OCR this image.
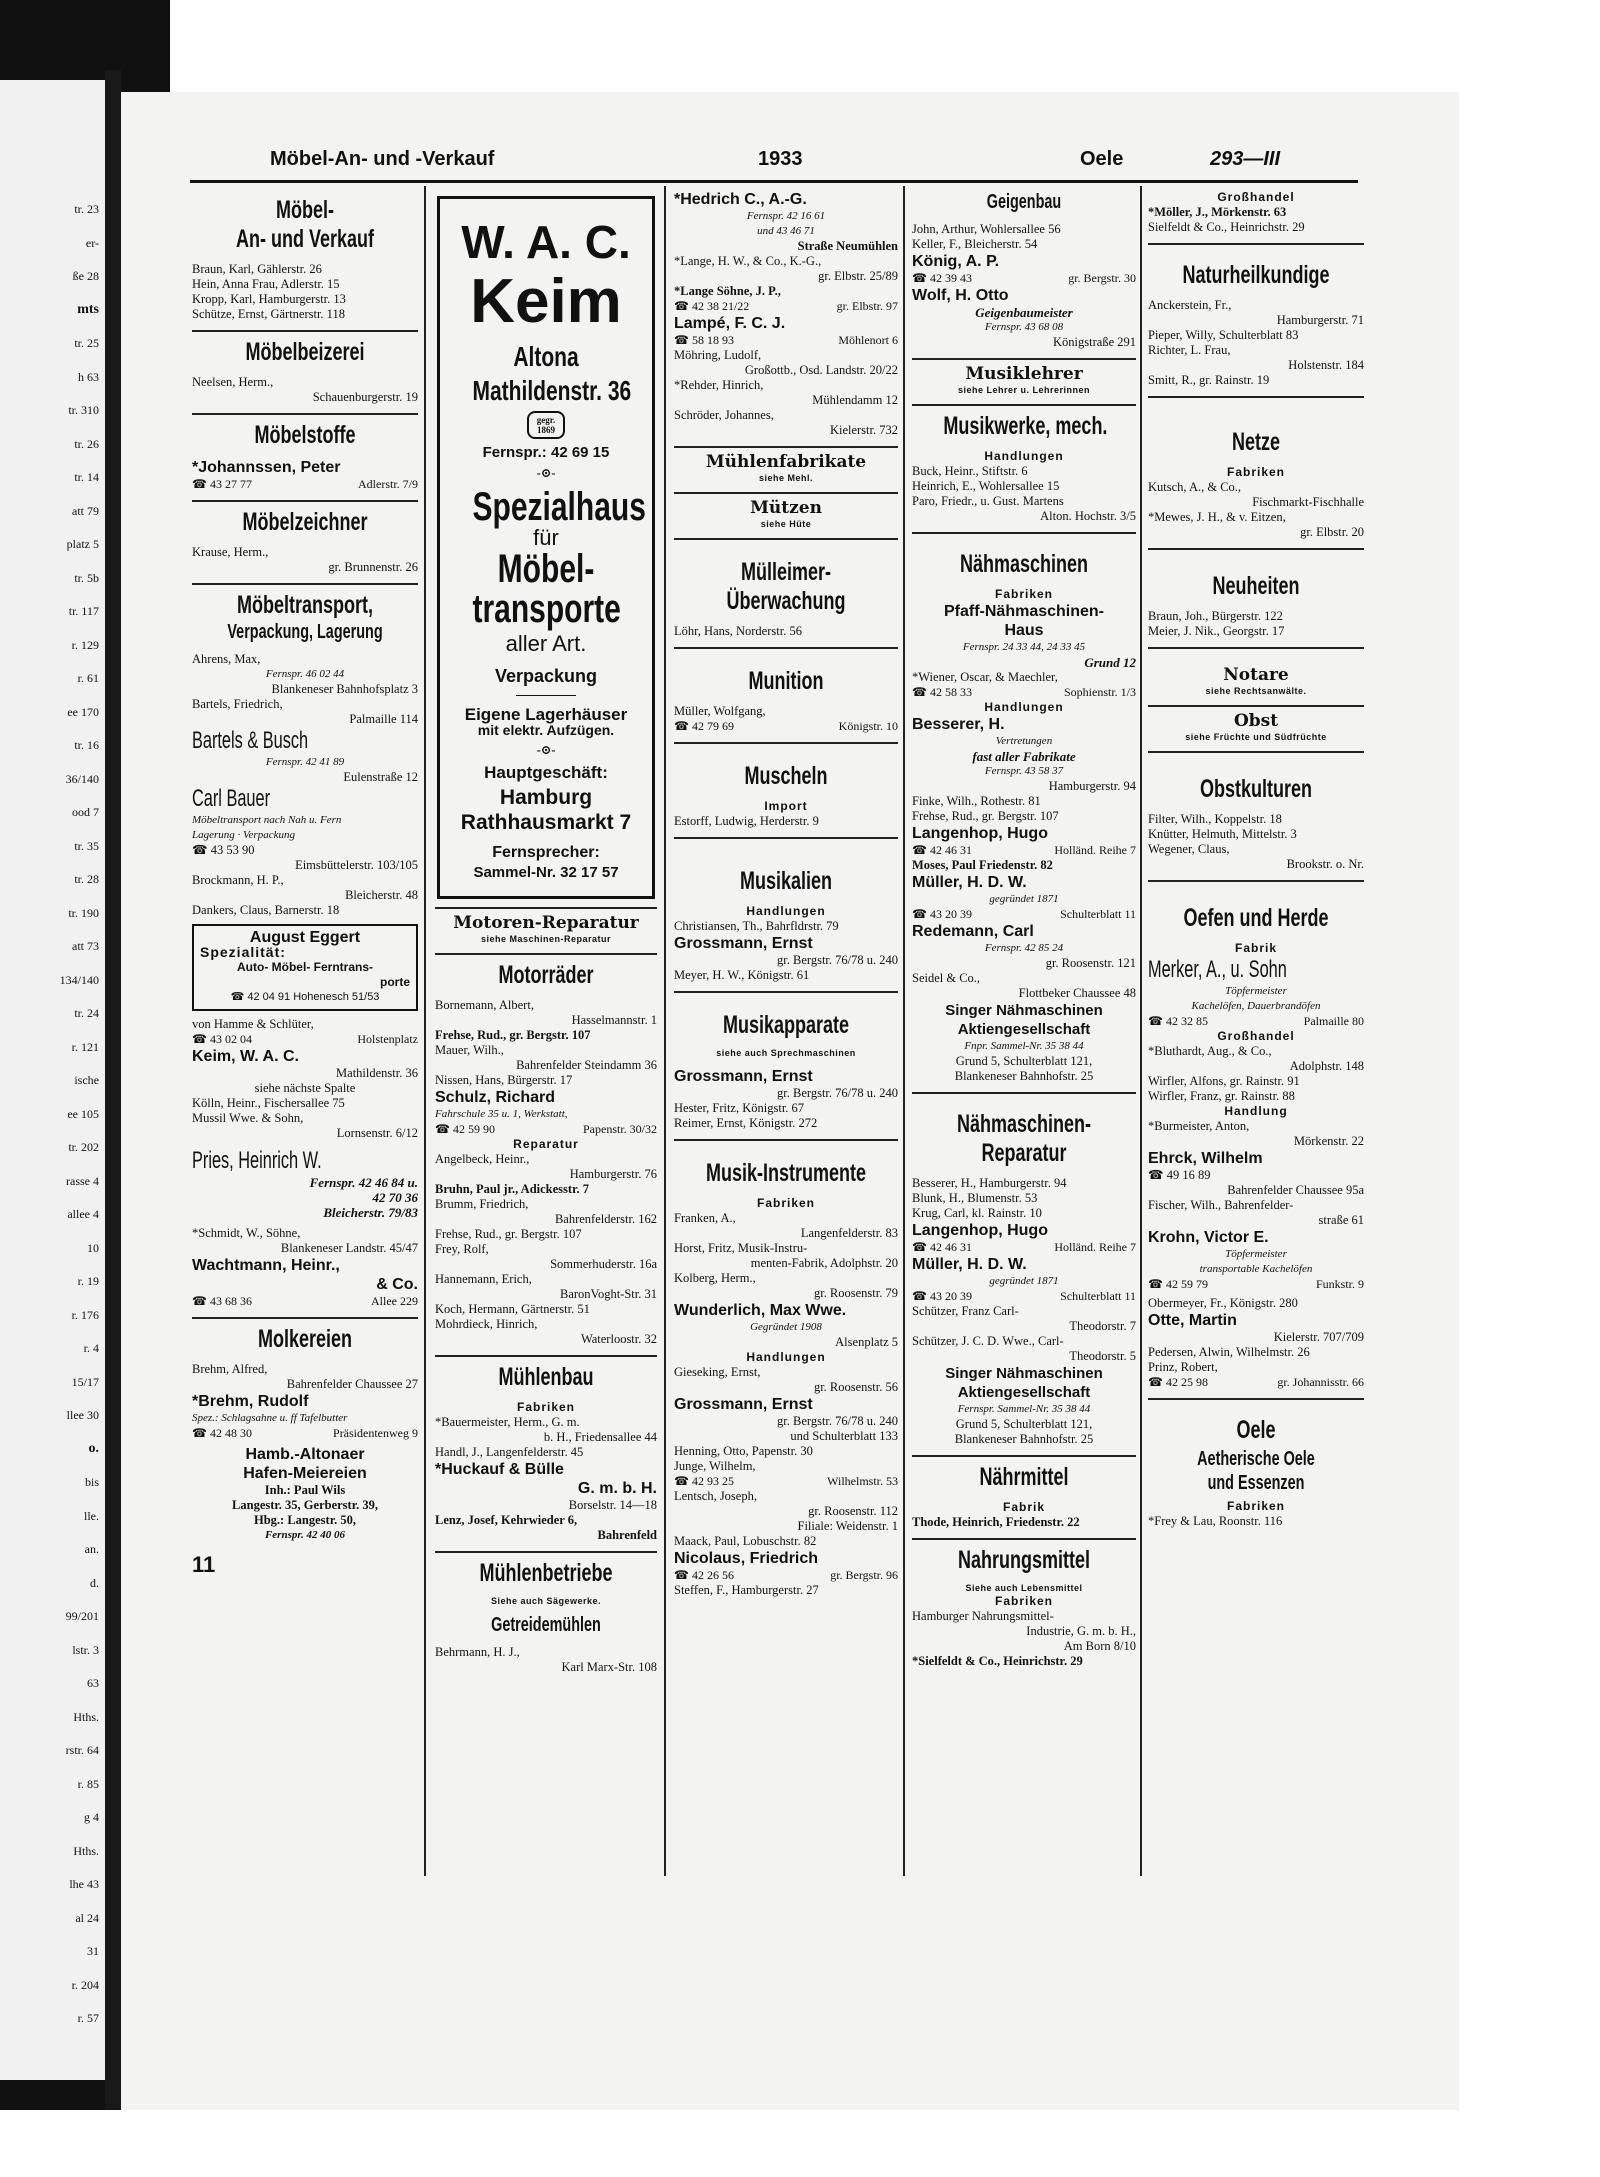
tr. 23
er-
ße 28
mts
tr. 25
h 63
tr. 310
tr. 26
tr. 14
att 79
platz 5
tr. 5b
tr. 117
r. 129
r. 61
ee 170
tr. 16
36/140
ood 7
tr. 35
tr. 28
tr. 190
att 73
134/140
tr. 24
r. 121
ische
ee 105
tr. 202
rasse 4
allee 4
10
r. 19
r. 176
r. 4
15/17
llee 30
o.
bis
lle.
an.
d.
99/201
lstr. 3
63
Hths.
rstr. 64
r. 85
g 4
Hths.
lhe 43
al 24
31
r. 204
r. 57
Möbel-An- und -Verkauf	1933	Oele	293—III
Möbel-
An- und Verkauf
Braun, Karl, Gählerstr. 26
Hein, Anna Frau, Adlerstr. 15
Kropp, Karl, Hamburgerstr. 13
Schütze, Ernst, Gärtnerstr. 118
Möbelbeizerei
Neelsen, Herm.,
Schauenburgerstr. 19
Möbelstoffe
*Johannssen, Peter
☎ 43 27 77	Adlerstr. 7/9
Möbelzeichner
Krause, Herm.,
gr. Brunnenstr. 26
Möbeltransport,
Verpackung, Lagerung
Ahrens, Max,
Fernspr. 46 02 44
Blankeneser Bahnhofsplatz 3
Bartels, Friedrich,
Palmaille 114
Bartels & Busch
Fernspr. 42 41 89
Eulenstraße 12
Carl Bauer
Möbeltransport nach Nah u. Fern
Lagerung · Verpackung
☎ 43 53 90
Eimsbüttelerstr. 103/105
Brockmann, H. P.,
Bleicherstr. 48
Dankers, Claus, Barnerstr. 18
August Eggert
Spezialität:
Auto- Möbel- Ferntrans-
porte
☎ 42 04 91 Hohenesch 51/53
von Hamme & Schlüter,
☎ 43 02 04	Holstenplatz
Keim, W. A. C.
Mathildenstr. 36
siehe nächste Spalte
Kölln, Heinr., Fischersallee 75
Mussil Wwe. & Sohn,
Lornsenstr. 6/12
Pries, Heinrich W.
Fernspr. 42 46 84 u.
42 70 36
Bleicherstr. 79/83
*Schmidt, W., Söhne,
Blankeneser Landstr. 45/47
Wachtmann, Heinr.,
& Co.
☎ 43 68 36	Allee 229
Molkereien
Brehm, Alfred,
Bahrenfelder Chaussee 27
*Brehm, Rudolf
Spez.: Schlagsahne u. ff Tafelbutter
☎ 42 48 30	Präsidentenweg 9
Hamb.-Altonaer
Hafen-Meiereien
Inh.: Paul Wils
Langestr. 35, Gerberstr. 39,
Hbg.: Langestr. 50,
Fernspr. 42 40 06
11
W. A. C.
Keim
Altona
Mathildenstr. 36
gegr.
1869
Fernspr.: 42 69 15
-⊙-
Spezialhaus
für
Möbel-
transporte
aller Art.
Verpackung
Eigene Lagerhäuser
mit elektr. Aufzügen.
-⊙-
Hauptgeschäft:
Hamburg
Rathhausmarkt 7
Fernsprecher:
Sammel-Nr. 32 17 57
Motoren-Reparatur
siehe Maschinen-Reparatur
Motorräder
Bornemann, Albert,
Hasselmannstr. 1
Frehse, Rud., gr. Bergstr. 107
Mauer, Wilh.,
Bahrenfelder Steindamm 36
Nissen, Hans, Bürgerstr. 17
Schulz, Richard
Fahrschule 35 u. 1, Werkstatt,
☎ 42 59 90	Papenstr. 30/32
Reparatur
Angelbeck, Heinr.,
Hamburgerstr. 76
Bruhn, Paul jr., Adickesstr. 7
Brumm, Friedrich,
Bahrenfelderstr. 162
Frehse, Rud., gr. Bergstr. 107
Frey, Rolf,
Sommerhuderstr. 16a
Hannemann, Erich,
BaronVoght-Str. 31
Koch, Hermann, Gärtnerstr. 51
Mohrdieck, Hinrich,
Waterloostr. 32
Mühlenbau
Fabriken
*Bauermeister, Herm., G. m.
b. H., Friedensallee 44
Handl, J., Langenfelderstr. 45
*Huckauf & Bülle
G. m. b. H.
Borselstr. 14—18
Lenz, Josef, Kehrwieder 6,
Bahrenfeld
Mühlenbetriebe
Siehe auch Sägewerke.
Getreidemühlen
Behrmann, H. J.,
Karl Marx-Str. 108
*Hedrich C., A.-G.
Fernspr. 42 16 61
und 43 46 71
Straße Neumühlen
*Lange, H. W., & Co., K.-G.,
gr. Elbstr. 25/89
*Lange Söhne, J. P.,
☎ 42 38 21/22	gr. Elbstr. 97
Lampé, F. C. J.
☎ 58 18 93	Möhlenort 6
Möhring, Ludolf,
Großottb., Osd. Landstr. 20/22
*Rehder, Hinrich,
Mühlendamm 12
Schröder, Johannes,
Kielerstr. 732
Mühlenfabrikate
siehe Mehl.
Mützen
siehe Hüte
Mülleimer-
Überwachung
Löhr, Hans, Norderstr. 56
Munition
Müller, Wolfgang,
☎ 42 79 69	Königstr. 10
Muscheln
Import
Estorff, Ludwig, Herderstr. 9
Musikalien
Handlungen
Christiansen, Th., Bahrfldrstr. 79
Grossmann, Ernst
gr. Bergstr. 76/78 u. 240
Meyer, H. W., Königstr. 61
Musikapparate
siehe auch Sprechmaschinen
Grossmann, Ernst
gr. Bergstr. 76/78 u. 240
Hester, Fritz, Königstr. 67
Reimer, Ernst, Königstr. 272
Musik-Instrumente
Fabriken
Franken, A.,
Langenfelderstr. 83
Horst, Fritz, Musik-Instru-
menten-Fabrik, Adolphstr. 20
Kolberg, Herm.,
gr. Roosenstr. 79
Wunderlich, Max Wwe.
Gegründet 1908
Alsenplatz 5
Handlungen
Gieseking, Ernst,
gr. Roosenstr. 56
Grossmann, Ernst
gr. Bergstr. 76/78 u. 240
und Schulterblatt 133
Henning, Otto, Papenstr. 30
Junge, Wilhelm,
☎ 42 93 25	Wilhelmstr. 53
Lentsch, Joseph,
gr. Roosenstr. 112
Filiale: Weidenstr. 1
Maack, Paul, Lobuschstr. 82
Nicolaus, Friedrich
☎ 42 26 56	gr. Bergstr. 96
Steffen, F., Hamburgerstr. 27
Geigenbau
John, Arthur, Wohlersallee 56
Keller, F., Bleicherstr. 54
König, A. P.
☎ 42 39 43	gr. Bergstr. 30
Wolf, H. Otto
Geigenbaumeister
Fernspr. 43 68 08
Königstraße 291
Musiklehrer
siehe Lehrer u. Lehrerinnen
Musikwerke, mech.
Handlungen
Buck, Heinr., Stiftstr. 6
Heinrich, E., Wohlersallee 15
Paro, Friedr., u. Gust. Martens
Alton. Hochstr. 3/5
Nähmaschinen
Fabriken
Pfaff-Nähmaschinen-
Haus
Fernspr. 24 33 44, 24 33 45
Grund 12
*Wiener, Oscar, & Maechler,
☎ 42 58 33	Sophienstr. 1/3
Handlungen
Besserer, H.
Vertretungen
fast aller Fabrikate
Fernspr. 43 58 37
Hamburgerstr. 94
Finke, Wilh., Rothestr. 81
Frehse, Rud., gr. Bergstr. 107
Langenhop, Hugo
☎ 42 46 31	Holländ. Reihe 7
Moses, Paul Friedenstr. 82
Müller, H. D. W.
gegründet 1871
☎ 43 20 39	Schulterblatt 11
Redemann, Carl
Fernspr. 42 85 24
gr. Roosenstr. 121
Seidel & Co.,
Flottbeker Chaussee 48
Singer Nähmaschinen
Aktiengesellschaft
Fnpr. Sammel-Nr. 35 38 44
Grund 5, Schulterblatt 121,
Blankeneser Bahnhofstr. 25
Nähmaschinen-
Reparatur
Besserer, H., Hamburgerstr. 94
Blunk, H., Blumenstr. 53
Krug, Carl, kl. Rainstr. 10
Langenhop, Hugo
☎ 42 46 31	Holländ. Reihe 7
Müller, H. D. W.
gegründet 1871
☎ 43 20 39	Schulterblatt 11
Schützer, Franz Carl-
Theodorstr. 7
Schützer, J. C. D. Wwe., Carl-
Theodorstr. 5
Singer Nähmaschinen
Aktiengesellschaft
Fernspr. Sammel-Nr. 35 38 44
Grund 5, Schulterblatt 121,
Blankeneser Bahnhofstr. 25
Nährmittel
Fabrik
Thode, Heinrich, Friedenstr. 22
Nahrungsmittel
Siehe auch Lebensmittel
Fabriken
Hamburger Nahrungsmittel-
Industrie, G. m. b. H.,
Am Born 8/10
*Sielfeldt & Co., Heinrichstr. 29
Großhandel
*Möller, J., Mörkenstr. 63
Sielfeldt & Co., Heinrichstr. 29
Naturheilkundige
Anckerstein, Fr.,
Hamburgerstr. 71
Pieper, Willy, Schulterblatt 83
Richter, L. Frau,
Holstenstr. 184
Smitt, R., gr. Rainstr. 19
Netze
Fabriken
Kutsch, A., & Co.,
Fischmarkt-Fischhalle
*Mewes, J. H., & v. Eitzen,
gr. Elbstr. 20
Neuheiten
Braun, Joh., Bürgerstr. 122
Meier, J. Nik., Georgstr. 17
Notare
siehe Rechtsanwälte.
Obst
siehe Früchte und Südfrüchte
Obstkulturen
Filter, Wilh., Koppelstr. 18
Knütter, Helmuth, Mittelstr. 3
Wegener, Claus,
Brookstr. o. Nr.
Oefen und Herde
Fabrik
Merker, A., u. Sohn
Töpfermeister
Kachelöfen, Dauerbrandöfen
☎ 42 32 85	Palmaille 80
Großhandel
*Bluthardt, Aug., & Co.,
Adolphstr. 148
Wirfler, Alfons, gr. Rainstr. 91
Wirfler, Franz, gr. Rainstr. 88
Handlung
*Burmeister, Anton,
Mörkenstr. 22
Ehrck, Wilhelm
☎ 49 16 89
Bahrenfelder Chaussee 95a
Fischer, Wilh., Bahrenfelder-
straße 61
Krohn, Victor E.
Töpfermeister
transportable Kachelöfen
☎ 42 59 79	Funkstr. 9
Obermeyer, Fr., Königstr. 280
Otte, Martin
Kielerstr. 707/709
Pedersen, Alwin, Wilhelmstr. 26
Prinz, Robert,
☎ 42 25 98	gr. Johannisstr. 66
Oele
Aetherische Oele
und Essenzen
Fabriken
*Frey & Lau, Roonstr. 116
